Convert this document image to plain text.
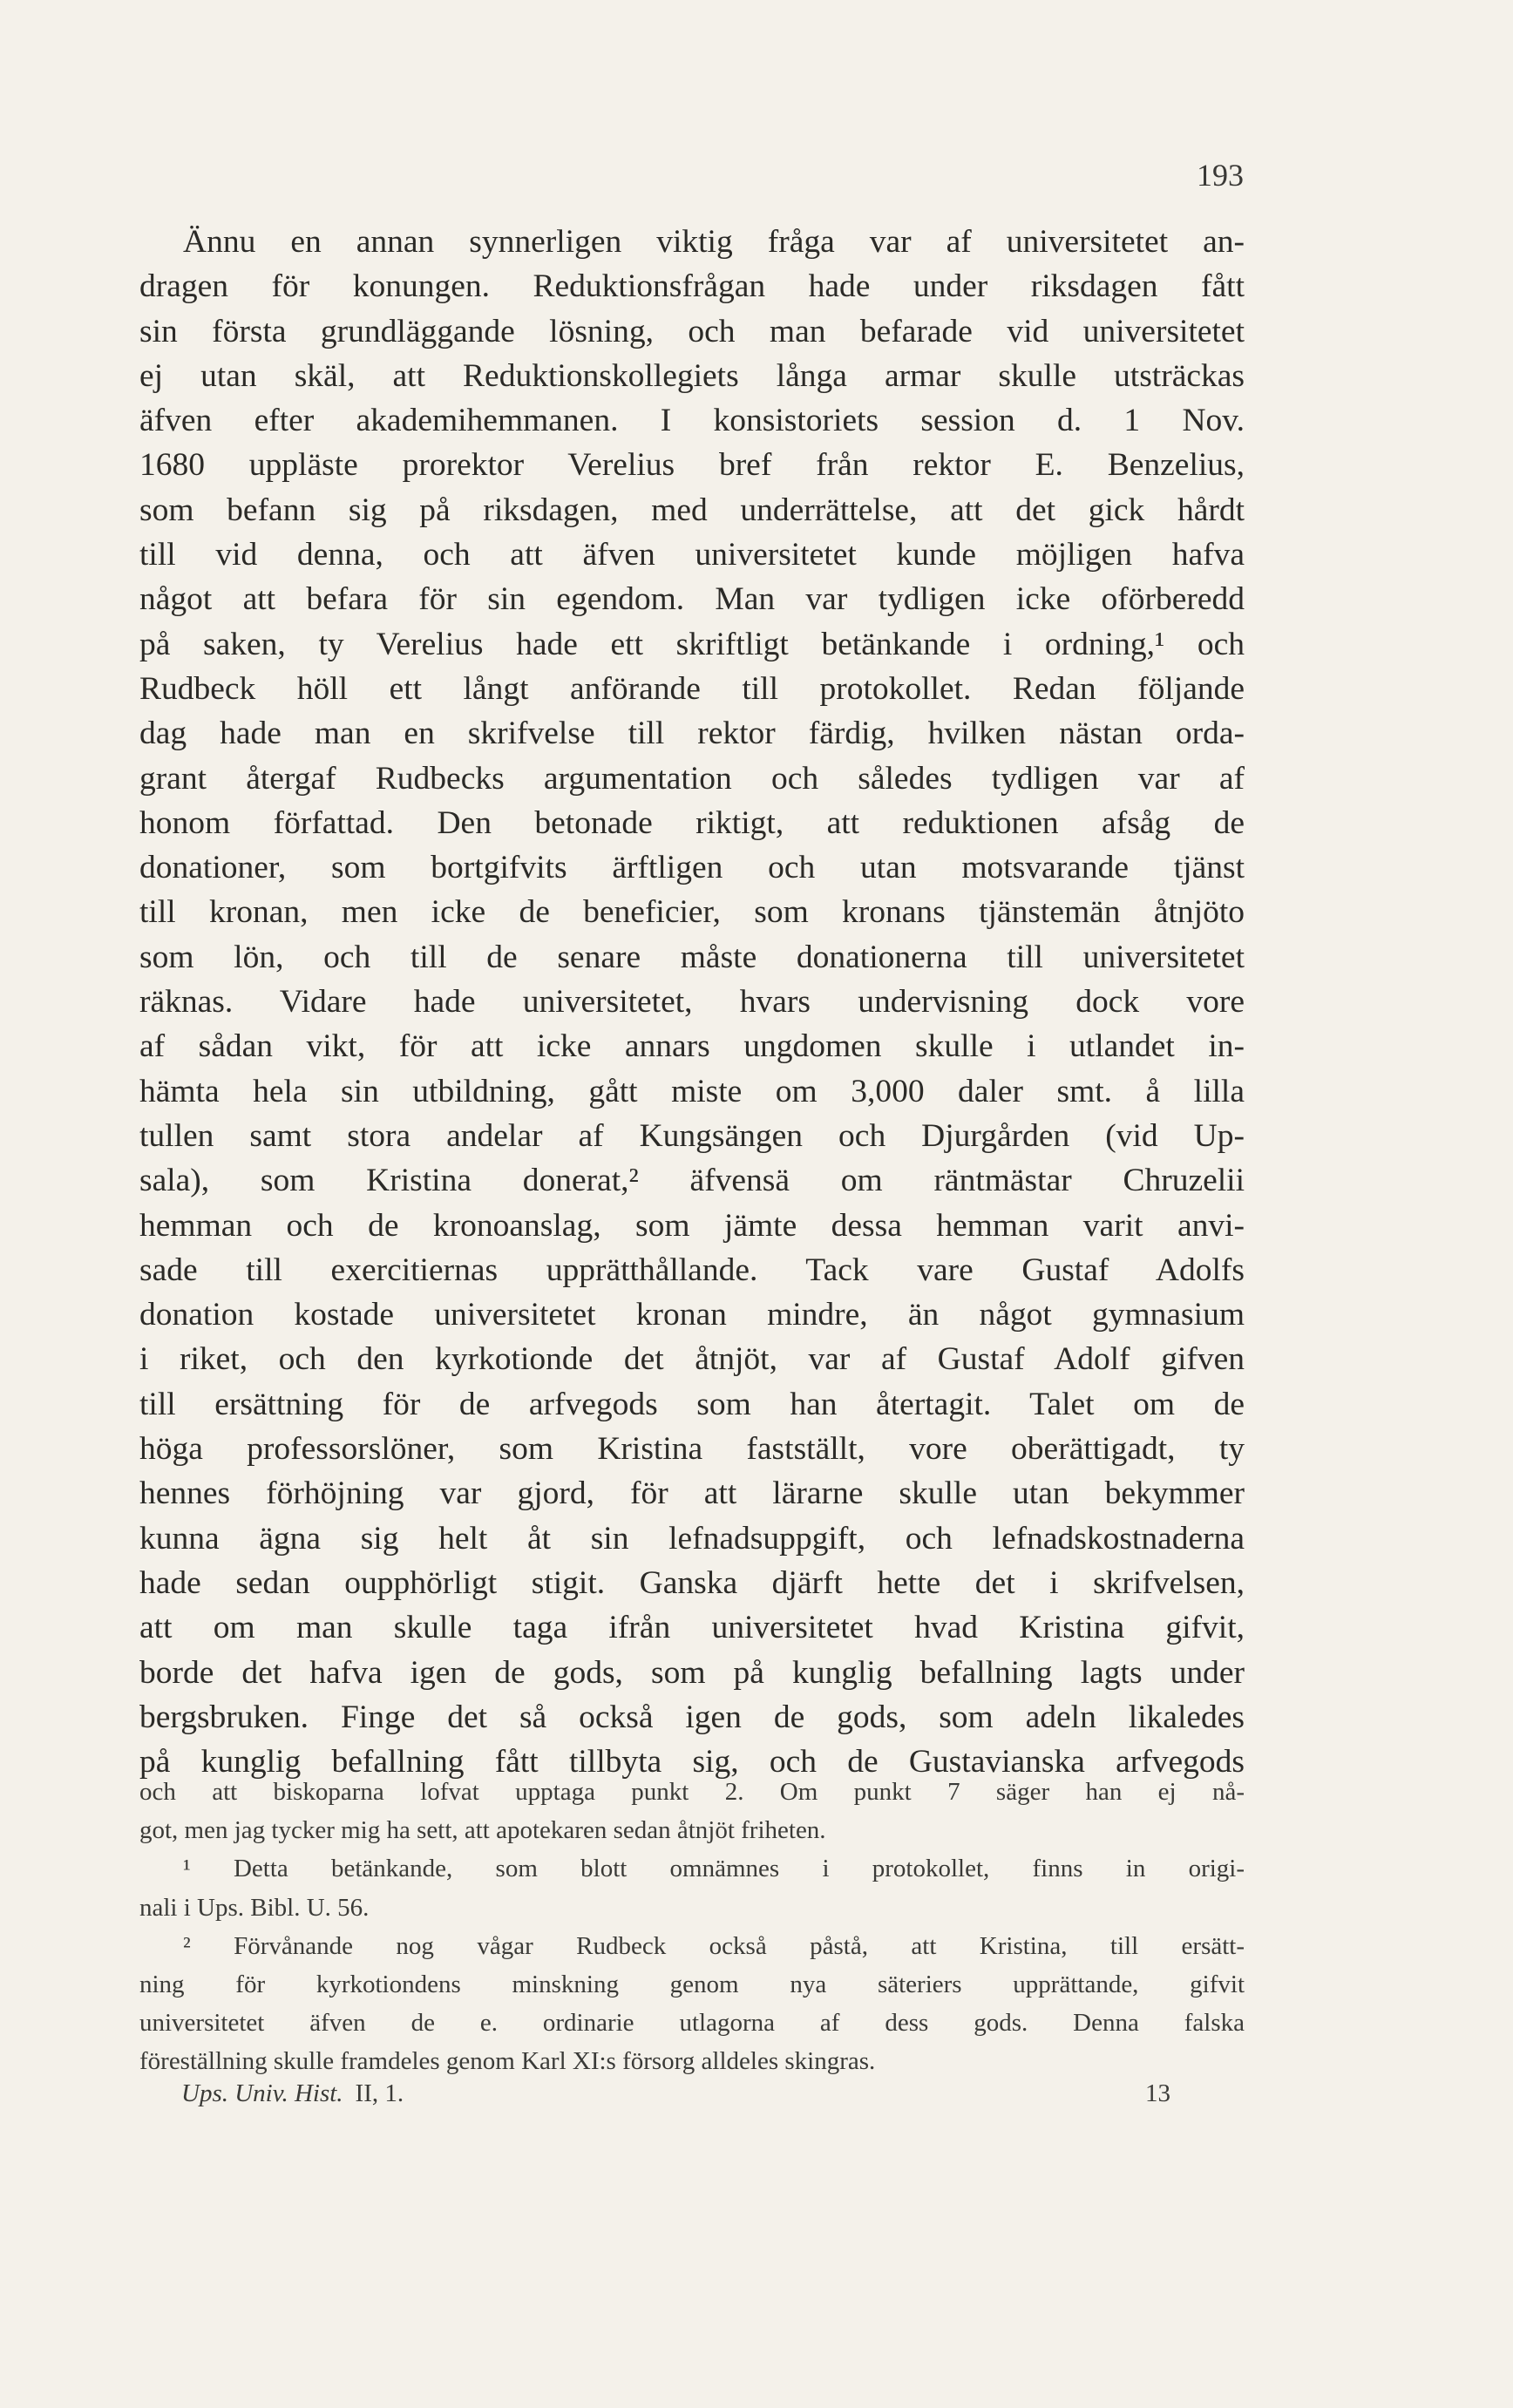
193
Ännu en annan synnerligen viktig fråga var af universitetet an-
dragen för konungen. Reduktionsfrågan hade under riksdagen fått
sin första grundläggande lösning, och man befarade vid universitetet
ej utan skäl, att Reduktionskollegiets långa armar skulle utsträckas
äfven efter akademihemmanen. I konsistoriets session d. 1 Nov.
1680 uppläste prorektor Verelius bref från rektor E. Benzelius,
som befann sig på riksdagen, med underrättelse, att det gick hårdt
till vid denna, och att äfven universitetet kunde möjligen hafva
något att befara för sin egendom. Man var tydligen icke oförberedd
på saken, ty Verelius hade ett skriftligt betänkande i ordning,¹ och
Rudbeck höll ett långt anförande till protokollet. Redan följande
dag hade man en skrifvelse till rektor färdig, hvilken nästan orda-
grant återgaf Rudbecks argumentation och således tydligen var af
honom författad. Den betonade riktigt, att reduktionen afsåg de
donationer, som bortgifvits ärftligen och utan motsvarande tjänst
till kronan, men icke de beneficier, som kronans tjänstemän åtnjöto
som lön, och till de senare måste donationerna till universitetet
räknas. Vidare hade universitetet, hvars undervisning dock vore
af sådan vikt, för att icke annars ungdomen skulle i utlandet in-
hämta hela sin utbildning, gått miste om 3,000 daler smt. å lilla
tullen samt stora andelar af Kungsängen och Djurgården (vid Up-
sala), som Kristina donerat,² äfvensä om räntmästar Chruzelii
hemman och de kronoanslag, som jämte dessa hemman varit anvi-
sade till exercitiernas upprätthållande. Tack vare Gustaf Adolfs
donation kostade universitetet kronan mindre, än något gymnasium
i riket, och den kyrkotionde det åtnjöt, var af Gustaf Adolf gifven
till ersättning för de arfvegods som han återtagit. Talet om de
höga professorslöner, som Kristina fastställt, vore oberättigadt, ty
hennes förhöjning var gjord, för att lärarne skulle utan bekymmer
kunna ägna sig helt åt sin lefnadsuppgift, och lefnadskostnaderna
hade sedan oupphörligt stigit. Ganska djärft hette det i skrifvelsen,
att om man skulle taga ifrån universitetet hvad Kristina gifvit,
borde det hafva igen de gods, som på kunglig befallning lagts under
bergsbruken. Finge det så också igen de gods, som adeln likaledes
på kunglig befallning fått tillbyta sig, och de Gustavianska arfvegods
och att biskoparna lofvat upptaga punkt 2. Om punkt 7 säger han ej nå-
got, men jag tycker mig ha sett, att apotekaren sedan åtnjöt friheten.
¹ Detta betänkande, som blott omnämnes i protokollet, finns in origi-
nali i Ups. Bibl. U. 56.
² Förvånande nog vågar Rudbeck också påstå, att Kristina, till ersätt-
ning för kyrkotiondens minskning genom nya säteriers upprättande, gifvit
universitetet äfven de e. ordinarie utlagorna af dess gods. Denna falska
föreställning skulle framdeles genom Karl XI:s försorg alldeles skingras.
Ups. Univ. Hist. II, 1.	13
